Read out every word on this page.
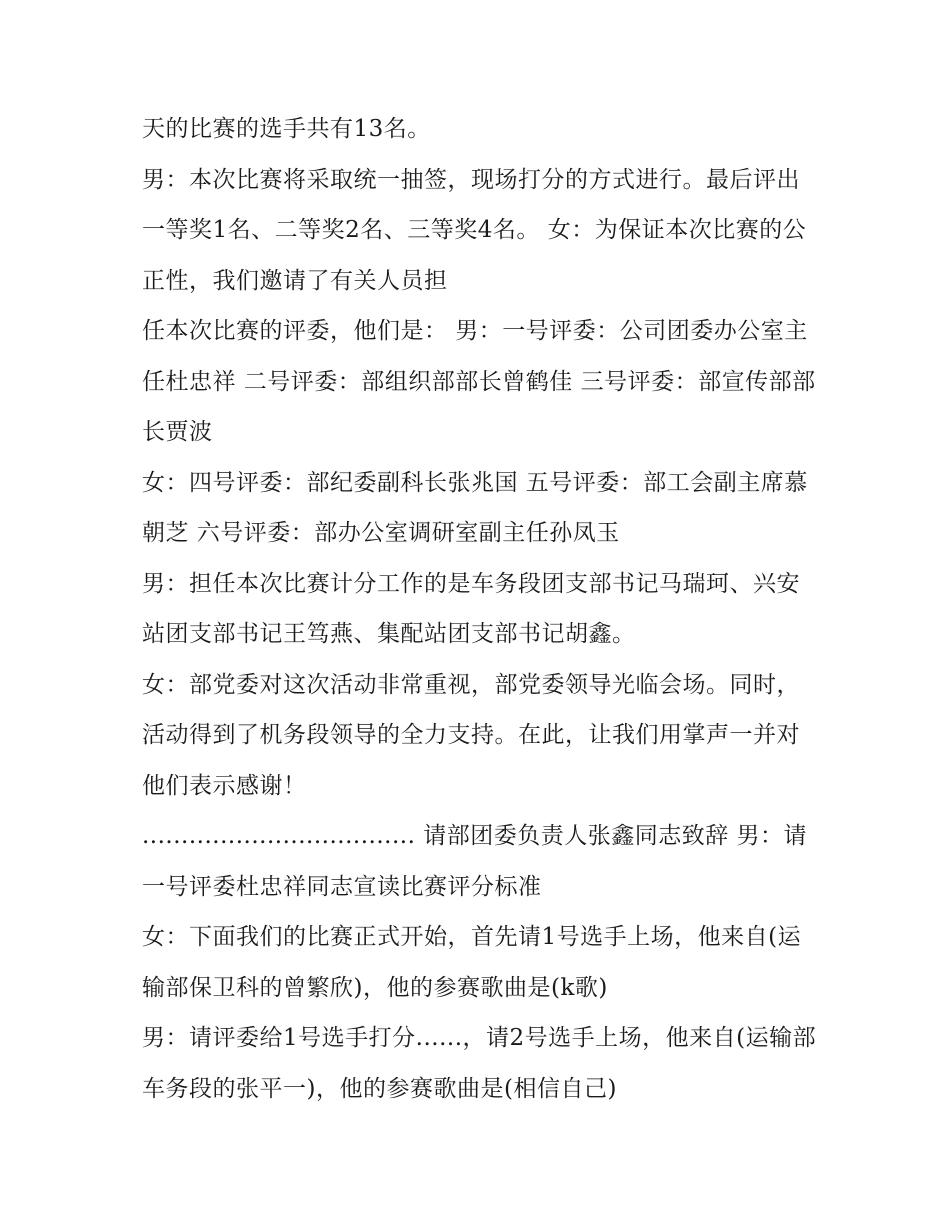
天的比赛的选手共有13名。

男：本次比赛将采取统一抽签，现场打分的方式进行。最后评出一等奖1名、二等奖2名、三等奖4名。 女：为保证本次比赛的公正性，我们邀请了有关人员担

任本次比赛的评委，他们是： 男：一号评委：公司团委办公室主任杜忠祥 二号评委：部组织部部长曾鹤佳 三号评委：部宣传部部长贾波

女：四号评委：部纪委副科长张兆国 五号评委：部工会副主席慕朝芝 六号评委：部办公室调研室副主任孙凤玉

男：担任本次比赛计分工作的是车务段团支部书记马瑞珂、兴安站团支部书记王笃燕、集配站团支部书记胡鑫。

女：部党委对这次活动非常重视，部党委领导光临会场。同时，活动得到了机务段领导的全力支持。在此，让我们用掌声一并对他们表示感谢！

................................... 请部团委负责人张鑫同志致辞 男：请一号评委杜忠祥同志宣读比赛评分标准

女：下面我们的比赛正式开始，首先请1号选手上场，他来自(运输部保卫科的曾繁欣)，他的参赛歌曲是(k歌)

男：请评委给1号选手打分......，请2号选手上场，他来自(运输部车务段的张平一)，他的参赛歌曲是(相信自己)
